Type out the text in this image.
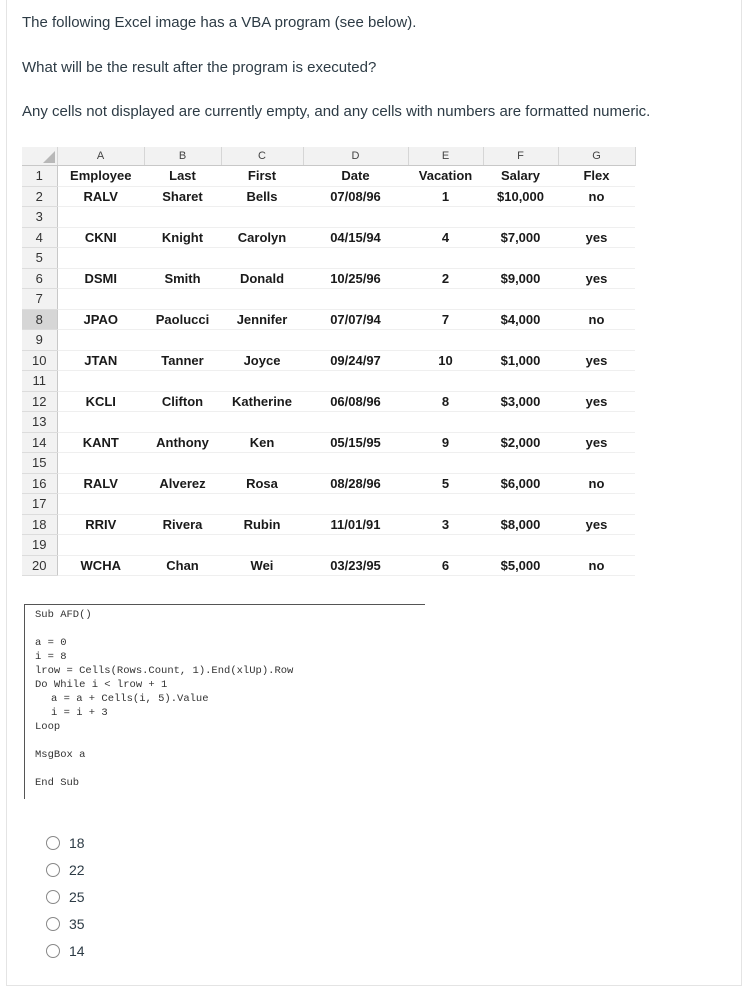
The following Excel image has a VBA program (see below).
What will be the result after the program is executed?
Any cells not displayed are currently empty, and any cells with numbers are formatted numeric.
	A	B	C	D	E	F	G
1	Employee	Last	First	Date	Vacation	Salary	Flex
2	RALV	Sharet	Bells	07/08/96	1	$10,000	no
3							
4	CKNI	Knight	Carolyn	04/15/94	4	$7,000	yes
5							
6	DSMI	Smith	Donald	10/25/96	2	$9,000	yes
7							
8	JPAO	Paolucci	Jennifer	07/07/94	7	$4,000	no
9							
10	JTAN	Tanner	Joyce	09/24/97	10	$1,000	yes
11							
12	KCLI	Clifton	Katherine	06/08/96	8	$3,000	yes
13							
14	KANT	Anthony	Ken	05/15/95	9	$2,000	yes
15							
16	RALV	Alverez	Rosa	08/28/96	5	$6,000	no
17							
18	RRIV	Rivera	Rubin	11/01/91	3	$8,000	yes
19							
20	WCHA	Chan	Wei	03/23/95	6	$5,000	no
Sub AFD()
a = 0
i = 8
lrow = Cells(Rows.Count, 1).End(xlUp).Row
Do While i < lrow + 1
a = a + Cells(i, 5).Value
i = i + 3
Loop
MsgBox a
End Sub
18
22
25
35
14
